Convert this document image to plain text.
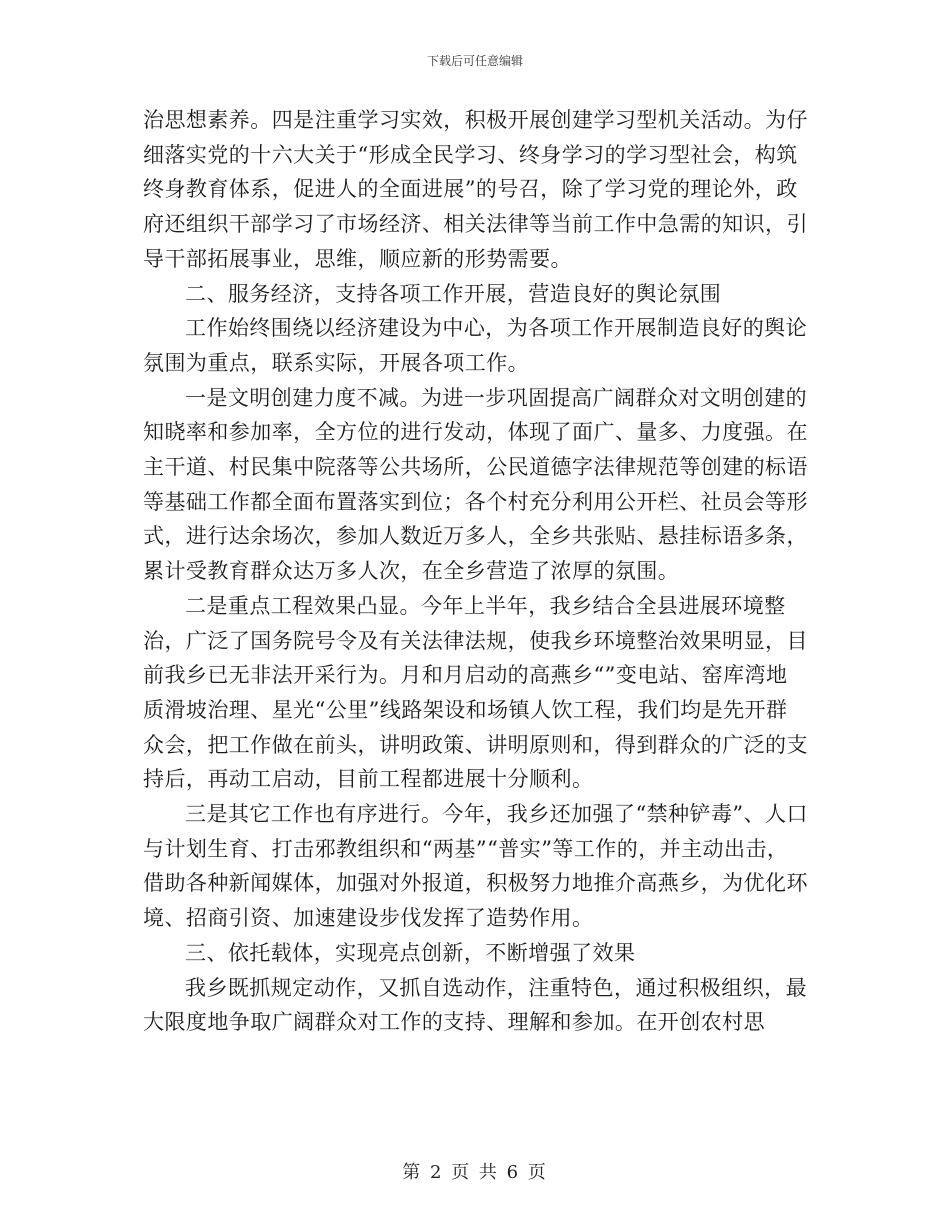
下载后可任意编辑

治思想素养。四是注重学习实效，积极开展创建学习型机关活动。为仔细落实党的十六大关于“形成全民学习、终身学习的学习型社会，构筑终身教育体系，促进人的全面进展”的号召，除了学习党的理论外，政府还组织干部学习了市场经济、相关法律等当前工作中急需的知识，引导干部拓展事业，思维，顺应新的形势需要。

二、服务经济，支持各项工作开展，营造良好的舆论氛围

工作始终围绕以经济建设为中心，为各项工作开展制造良好的舆论氛围为重点，联系实际，开展各项工作。

一是文明创建力度不减。为进一步巩固提高广阔群众对文明创建的知晓率和参加率，全方位的进行发动，体现了面广、量多、力度强。在主干道、村民集中院落等公共场所，公民道德字法律规范等创建的标语等基础工作都全面布置落实到位；各个村充分利用公开栏、社员会等形式，进行达余场次，参加人数近万多人，全乡共张贴、悬挂标语多条，累计受教育群众达万多人次，在全乡营造了浓厚的氛围。

二是重点工程效果凸显。今年上半年，我乡结合全县进展环境整治，广泛了国务院号令及有关法律法规，使我乡环境整治效果明显，目前我乡已无非法开采行为。月和月启动的高燕乡“”变电站、窑库湾地质滑坡治理、星光“公里”线路架设和场镇人饮工程，我们均是先开群众会，把工作做在前头，讲明政策、讲明原则和，得到群众的广泛的支持后，再动工启动，目前工程都进展十分顺利。

三是其它工作也有序进行。今年，我乡还加强了“禁种铲毒”、人口与计划生育、打击邪教组织和“两基”“普实”等工作的，并主动出击，借助各种新闻媒体，加强对外报道，积极努力地推介高燕乡，为优化环境、招商引资、加速建设步伐发挥了造势作用。

三、依托载体，实现亮点创新，不断增强了效果

我乡既抓规定动作，又抓自选动作，注重特色，通过积极组织，最大限度地争取广阔群众对工作的支持、理解和参加。在开创农村思

第 2 页 共 6 页
